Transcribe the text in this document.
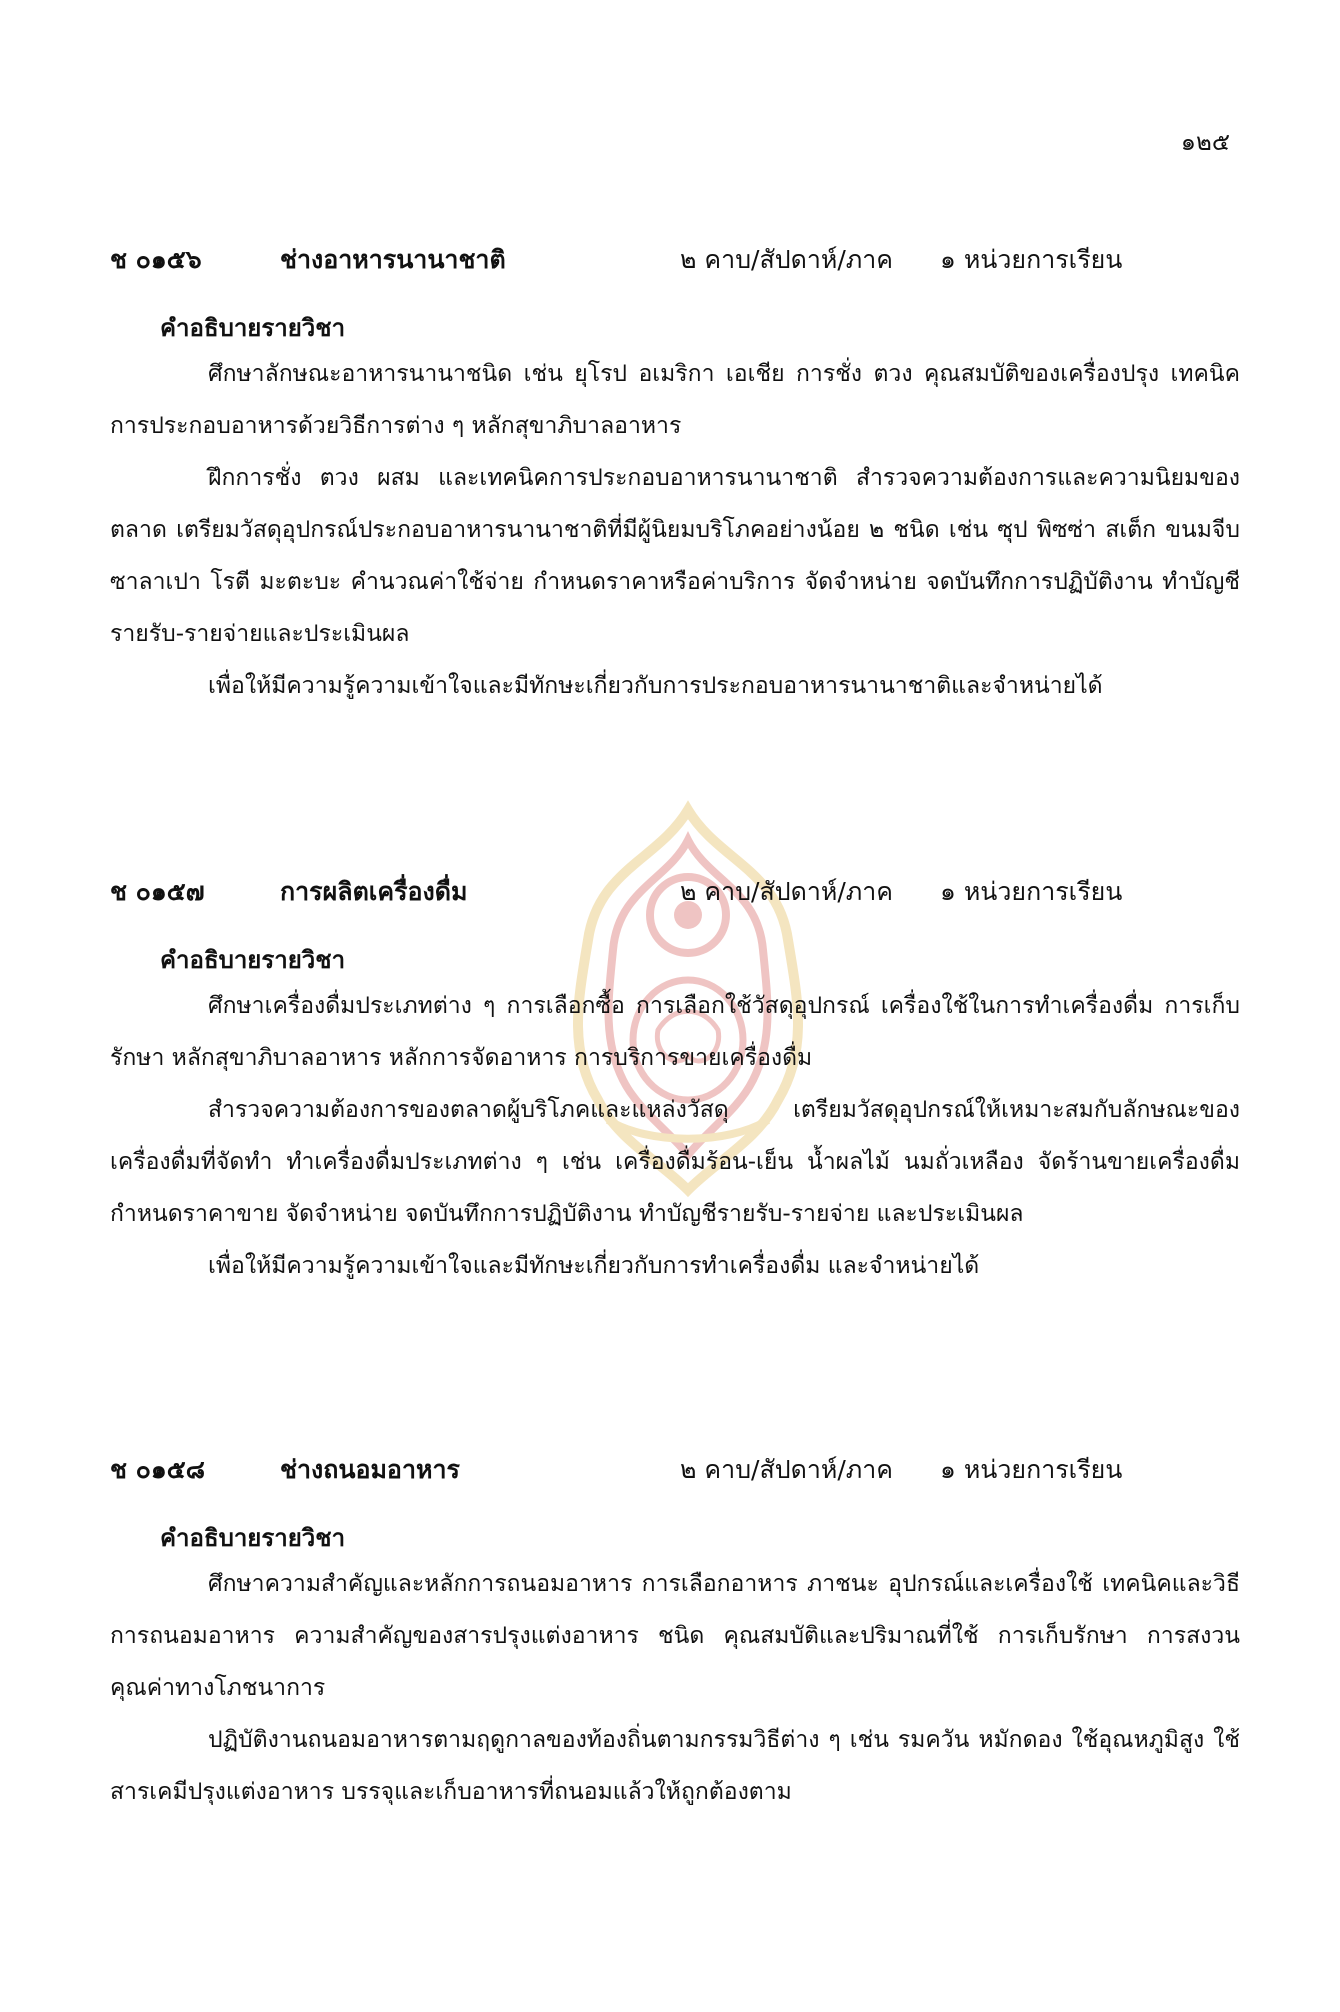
๑๒๕
ช ๐๑๕๖	ช่างอาหารนานาชาติ	๒ คาบ/สัปดาห์/ภาค ๑ หน่วยการเรียน
คำอธิบายรายวิชา

ศึกษาลักษณะอาหารนานาชนิด เช่น ยุโรป อเมริกา เอเชีย การชั่ง ตวง คุณสมบัติของเครื่องปรุง เทคนิคการประกอบอาหารด้วยวิธีการต่าง ๆ หลักสุขาภิบาลอาหาร

ฝึกการชั่ง ตวง ผสม และเทคนิคการประกอบอาหารนานาชาติ สำรวจความต้องการและความนิยมของตลาด เตรียมวัสดุอุปกรณ์ประกอบอาหารนานาชาติที่มีผู้นิยมบริโภคอย่างน้อย ๒ ชนิด เช่น ซุป พิซซ่า สเต็ก ขนมจีบ ซาลาเปา โรตี มะตะบะ คำนวณค่าใช้จ่าย กำหนดราคาหรือค่าบริการ จัดจำหน่าย จดบันทึกการปฏิบัติงาน ทำบัญชีรายรับ-รายจ่ายและประเมินผล

เพื่อให้มีความรู้ความเข้าใจและมีทักษะเกี่ยวกับการประกอบอาหารนานาชาติและจำหน่ายได้

ช ๐๑๕๗	การผลิตเครื่องดื่ม	๒ คาบ/สัปดาห์/ภาค ๑ หน่วยการเรียน
คำอธิบายรายวิชา

ศึกษาเครื่องดื่มประเภทต่าง ๆ การเลือกซื้อ การเลือกใช้วัสดุอุปกรณ์ เครื่องใช้ในการทำเครื่องดื่ม การเก็บรักษา หลักสุขาภิบาลอาหาร หลักการจัดอาหาร การบริการขายเครื่องดื่ม

สำรวจความต้องการของตลาดผู้บริโภคและแหล่งวัสดุ เตรียมวัสดุอุปกรณ์ให้เหมาะสมกับลักษณะของเครื่องดื่มที่จัดทำ ทำเครื่องดื่มประเภทต่าง ๆ เช่น เครื่องดื่มร้อน-เย็น น้ำผลไม้ นมถั่วเหลือง จัดร้านขายเครื่องดื่ม กำหนดราคาขาย จัดจำหน่าย จดบันทึกการปฏิบัติงาน ทำบัญชีรายรับ-รายจ่าย และประเมินผล

เพื่อให้มีความรู้ความเข้าใจและมีทักษะเกี่ยวกับการทำเครื่องดื่ม และจำหน่ายได้

ช ๐๑๕๘	ช่างถนอมอาหาร	๒ คาบ/สัปดาห์/ภาค ๑ หน่วยการเรียน
คำอธิบายรายวิชา

ศึกษาความสำคัญและหลักการถนอมอาหาร การเลือกอาหาร ภาชนะ อุปกรณ์และเครื่องใช้ เทคนิคและวิธีการถนอมอาหาร ความสำคัญของสารปรุงแต่งอาหาร ชนิด คุณสมบัติและปริมาณที่ใช้ การเก็บรักษา การสงวนคุณค่าทางโภชนาการ

ปฏิบัติงานถนอมอาหารตามฤดูกาลของท้องถิ่นตามกรรมวิธีต่าง ๆ เช่น รมควัน หมักดอง ใช้อุณหภูมิสูง ใช้สารเคมีปรุงแต่งอาหาร บรรจุและเก็บอาหารที่ถนอมแล้วให้ถูกต้องตาม
